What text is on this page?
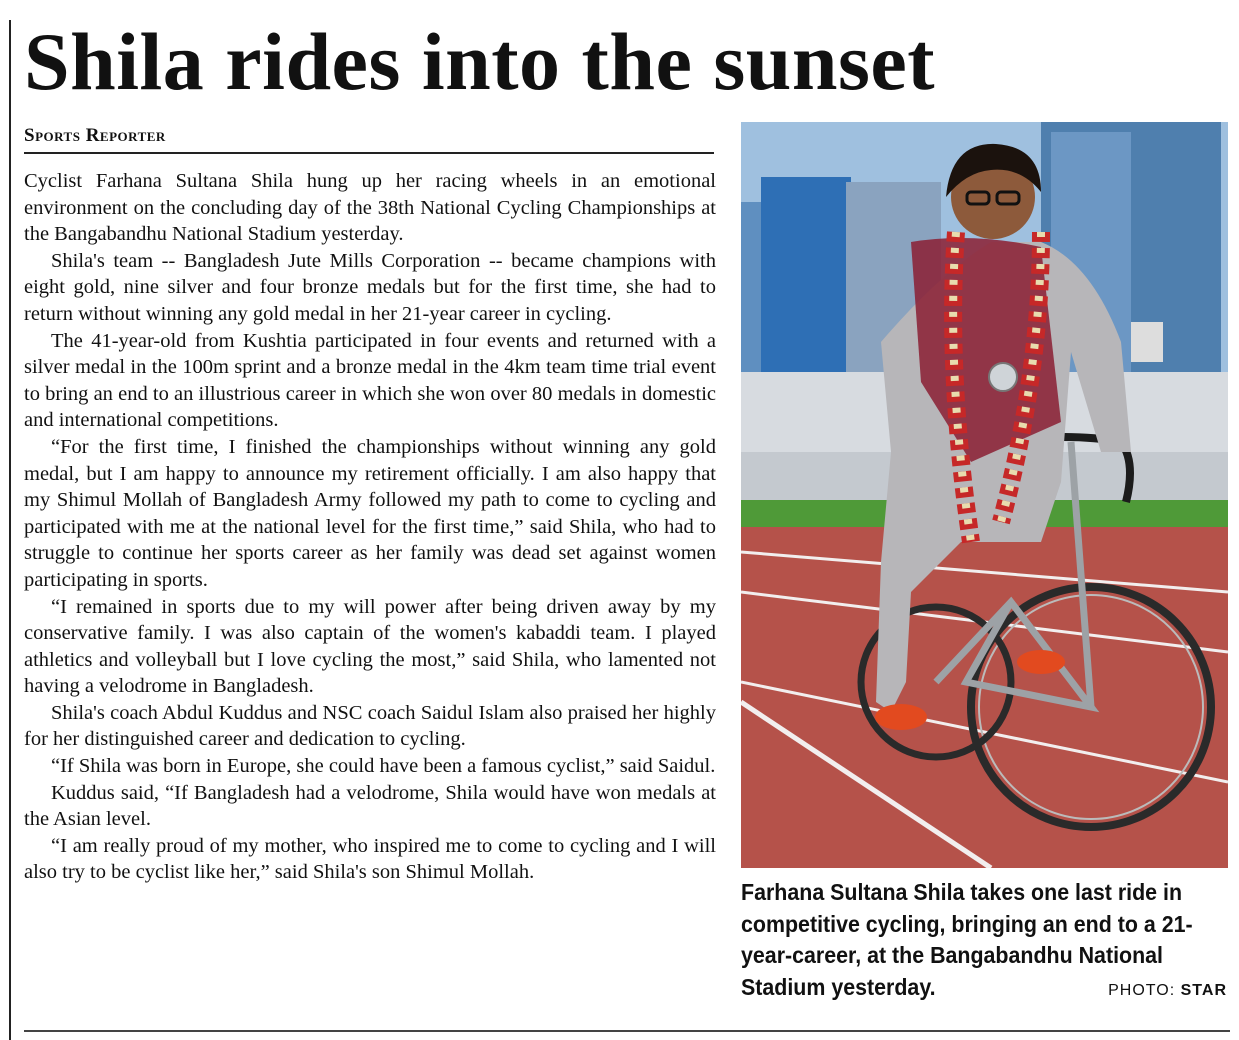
Shila rides into the sunset
Sports Reporter

Cyclist Farhana Sultana Shila hung up her racing wheels in an emotional environment on the concluding day of the 38th National Cycling Championships at the Bangabandhu National Stadium yesterday.

Shila's team -- Bangladesh Jute Mills Corporation -- became champions with eight gold, nine silver and four bronze medals but for the first time, she had to return without winning any gold medal in her 21-year career in cycling.

The 41-year-old from Kushtia participated in four events and returned with a silver medal in the 100m sprint and a bronze medal in the 4km team time trial event to bring an end to an illustrious career in which she won over 80 medals in domestic and international competitions.

“For the first time, I finished the championships without winning any gold medal, but I am happy to announce my retirement officially. I am also happy that my Shimul Mollah of Bangladesh Army followed my path to come to cycling and participated with me at the national level for the first time,” said Shila, who had to struggle to continue her sports career as her family was dead set against women participating in sports.

“I remained in sports due to my will power after being driven away by my conservative family. I was also captain of the women's kabaddi team. I played athletics and volleyball but I love cycling the most,” said Shila, who lamented not having a velodrome in Bangladesh.

Shila's coach Abdul Kuddus and NSC coach Saidul Islam also praised her highly for her distinguished career and dedication to cycling.

“If Shila was born in Europe, she could have been a famous cyclist,” said Saidul.

Kuddus said, “If Bangladesh had a velodrome, Shila would have won medals at the Asian level.

“I am really proud of my mother, who inspired me to come to cycling and I will also try to be cyclist like her,” said Shila's son Shimul Mollah.

Farhana Sultana Shila takes one last ride in competitive cycling, bringing an end to a 21-year-career, at the Bangabandhu National Stadium yesterday.	PHOTO: STAR
